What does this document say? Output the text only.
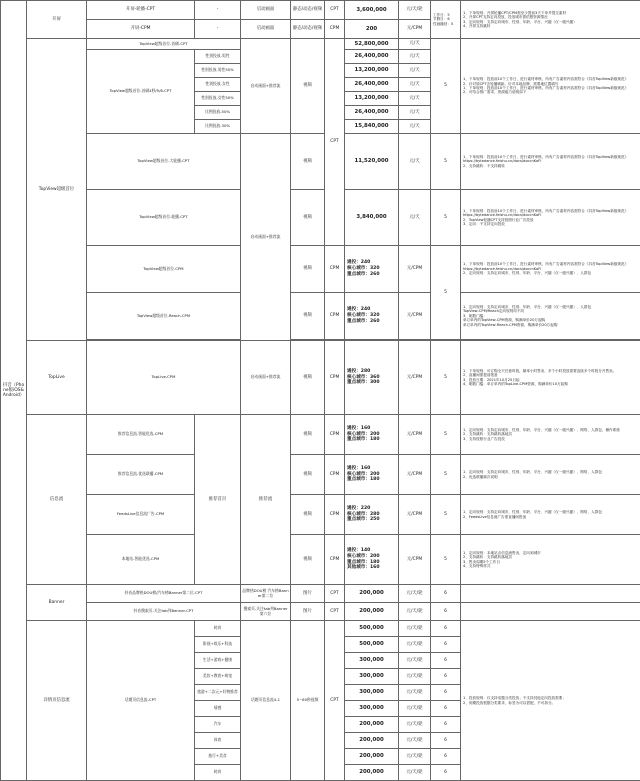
抖音（Phone版iOS&Android）	开屏	开屏-轮播-CPT	-	启动画面	静态/动态/视频	CPT	3,600,000	元/天/轮	工作日：5
节假日：6
性画播回：5	1、下单规则：开屏轮播CPT/CPM需至少提前3天下单并提交素材
2、开屏CPT支持定向投放，投放城市需依照资源情况
3、定向规则：支持定向城市、性别、年龄、平台、兴趣（仅一级兴趣）
4、开屏支持跳转
		开屏-CPM	-	启动画面	静态/动态/视频	CPM	200	元/CPM		
	TopView超级首位	TopView超级首位-首刷-CPT		启动画面+推荐流	视频	CPT	52,800,000	元/天	5	1、下单规则：投放前10个工作日，进行素材审核，所有广告素材内容需符合《抖音TopView新版规范》
2、针对原CPT含轮播刷新。针对本地品牌，需要地位置填写
1、下单规则：投放前10个工作日，进行素材审核，所有广告素材内容需符合《抖音TopView新版规范》
2、可结合推广需求，资源能力说明如下
		TopView超级首位-首刷4秒/5/6-CPT	性别投放-男性				26,400,000	元/天		
			性别投放-男性50%				13,200,000	元/天		
			性别投放-女性				26,400,000	元/天		
			性别投放-女性50%				13,200,000	元/天		
			比例投放-50%				26,400,000	元/天		
			比例投放-30%				15,840,000	元/天		
		TopView超级首位-大轮播-CPT		启动画面+推荐流	视频		11,520,000	元/天	5	1、下单规则：投放前10个工作日，进行素材审核，所有广告素材内容需符合《抖音TopView新版规范》
https://bytedance.feishu.cn/docs/doccnKaFl
2、支持跳转：不支持跳转
		TopView超级首位-轮播-CPT			视频		3,840,000	元/天	5	1、下单规则：投放前10个工作日，进行素材审核，所有广告素材内容需符合《抖音TopView新版规范》
https://bytedance.feishu.cn/docs/doccnKaFl
2、TopView轮播CPT支持按照行业广告投放
3、定向：不支持定向投放
		TopView超级首位-CPM			视频	CPM	通投：240
核心城市：320
重点城市：260	元/CPM	5	1、下单规则：投放前10个工作日，进行素材审核，所有广告素材内容需符合《抖音TopView新版规范》
https://bytedance.feishu.cn/docs/doccnKaFl
2、定向规则：支持定向城市、性别、年龄、平台、兴趣（仅一级兴趣）、人群包
		TopView超级首位-Reach-CPM			视频	CPM	通投：240
核心城市：320
重点城市：260	元/CPM		1、定向规则：支持定向城市、性别、年龄、平台、兴趣（仅一级兴趣）、人群包
TopView-CPM/Reach定向规则均不同
3、刷数门槛：
单订单内的TopView-CPM资源，购满单价20万起购
单订单内的TopView-Reach-CPM资源，购满单价20万起购

	TopLive	TopLive-CPM		启动画面+推荐流	视频	CPM	通投：280
核心城市：360
重点城市：300	元/CPM	5	1、下单规则：可订购全天任意时段，频率小时售卖，多个小时投放需要连续多个时段分开售卖。
2、直播间需提前报备
3、投放日期：2021年10月25日起
4、刷数门槛：单订单内的TopLive-CPM资源，购满单价10万起购
	信息流	推荐信息流-智能优选-CPM	推荐首页	推荐流	视频	CPM	通投：160
核心城市：200
重点城市：180	元/CPM	5	1、定向规则：支持定向城市、性别、年龄、平台、兴趣（仅一级兴趣）、网络、人群包、操作系统
2、支持跳转：支持跳转落地页
3、支持按照行业广告投放
		推荐信息流-优选联播-CPM			视频	CPM	通投：160
核心城市：200
重点城市：180	元/CPM	5	1、定向规则：支持定向城市、性别、年龄、平台、兴趣（仅一级兴趣）、网络、人群包
2、优选联播频次说明
		FeedsLive信息流广告-CPM			视频	CPM	通投：220
核心城市：280
重点城市：250	元/CPM	5	1、定向规则：支持定向城市、性别、年龄、平台、兴趣（仅一级兴趣）、网络、人群包
2、FeedsLive信息流广告需直播间报备
		本地站-智能优选-CPM			视频	CPM	通投：140
核心城市：200
重点城市：180
其他城市：160	元/CPM	5	1、定向规则：本地站点信息流售卖，定向到城市
2、支持跳转：支持跳转落地页
3、售卖周期5个工作日
4、支持特殊样式
	Banner	抖音品牌热DOU榜/汽车榜Banner第二位-CPT		品牌热DOU榜 汽车榜Banner第二位	图片	CPT	200,000	元/天/轮	6	
		抖音搜索页-关注tab列Banner-CPT		搜索页-关注tab列Banner第六位	图片	CPT	200,000	元/天/轮	6	
	详情页信息流	话题页信息流-CPT	时尚	话题页信息流4-1	5~60秒视频	CPT	500,000	元/天/轮	6	1、投放规则：仅支持话题分类投放；不支持其他定向投放需要；
2、到期投放根据分类要求，标签为可以搭配，不可拆分。
			影视+娱乐+科技				500,000	元/天/轮	6	
			生活+游戏+健康				300,000	元/天/轮	6	
			美妆+教育+萌宠				300,000	元/天/轮	6	
			旅游+二次元+好物推荐				300,000	元/天/轮	6	
			情感				300,000	元/天/轮	6	
			汽车				200,000	元/天/轮	6	
			体育				200,000	元/天/轮	6	
			旅行+美食				200,000	元/天/轮	6	
			时尚				200,000	元/天/轮	6	
